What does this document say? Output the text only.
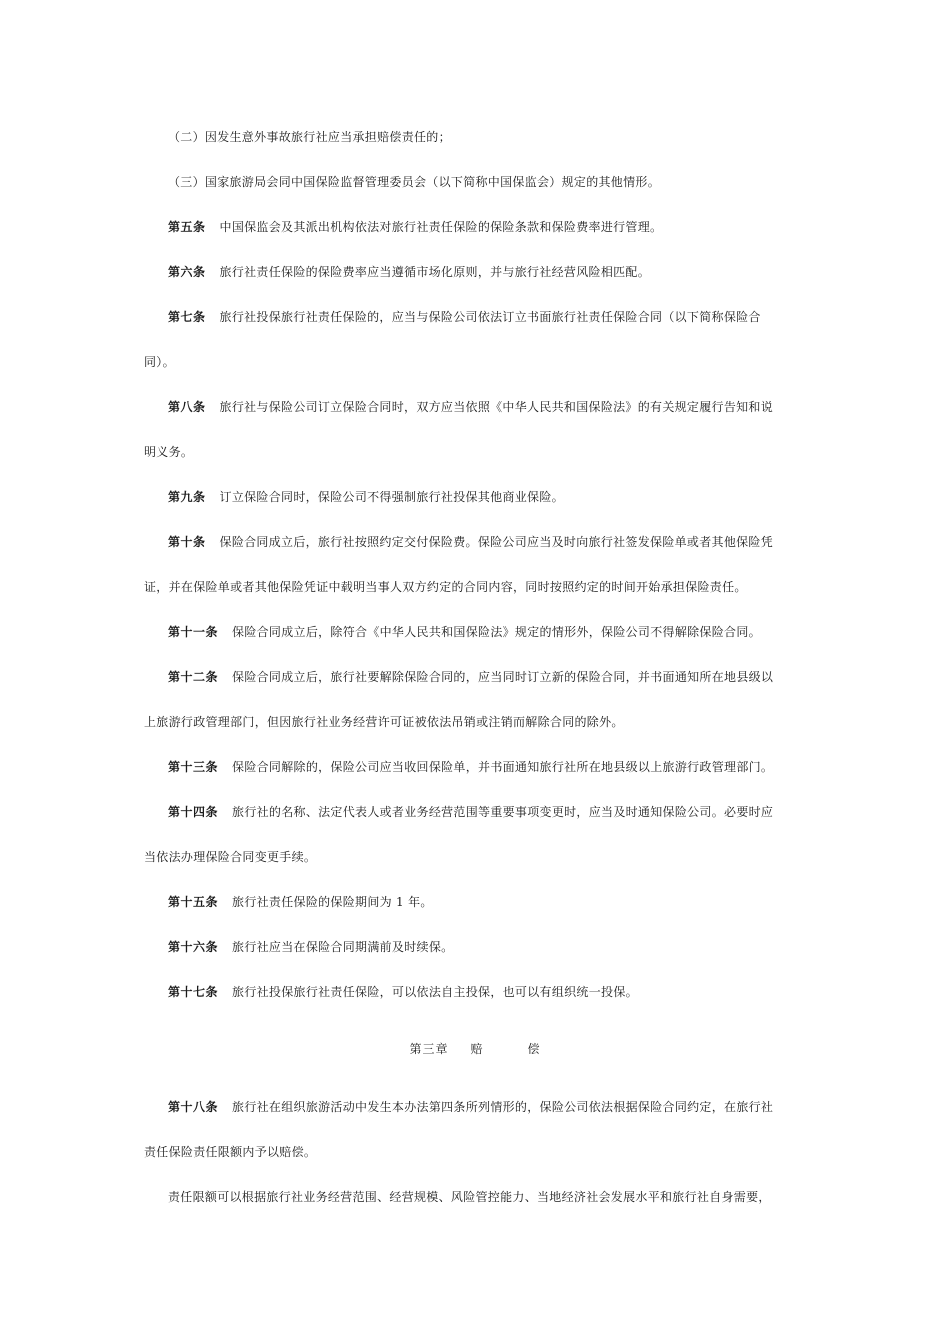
（二）因发生意外事故旅行社应当承担赔偿责任的；
（三）国家旅游局会同中国保险监督管理委员会（以下简称中国保监会）规定的其他情形。
第五条 中国保监会及其派出机构依法对旅行社责任保险的保险条款和保险费率进行管理。
第六条 旅行社责任保险的保险费率应当遵循市场化原则，并与旅行社经营风险相匹配。
第七条 旅行社投保旅行社责任保险的，应当与保险公司依法订立书面旅行社责任保险合同（以下简称保险合
同）。
第八条 旅行社与保险公司订立保险合同时，双方应当依照《中华人民共和国保险法》的有关规定履行告知和说
明义务。
第九条 订立保险合同时，保险公司不得强制旅行社投保其他商业保险。
第十条 保险合同成立后，旅行社按照约定交付保险费。保险公司应当及时向旅行社签发保险单或者其他保险凭
证，并在保险单或者其他保险凭证中载明当事人双方约定的合同内容，同时按照约定的时间开始承担保险责任。
第十一条 保险合同成立后，除符合《中华人民共和国保险法》规定的情形外，保险公司不得解除保险合同。
第十二条 保险合同成立后，旅行社要解除保险合同的，应当同时订立新的保险合同，并书面通知所在地县级以
上旅游行政管理部门，但因旅行社业务经营许可证被依法吊销或注销而解除合同的除外。
第十三条 保险合同解除的，保险公司应当收回保险单，并书面通知旅行社所在地县级以上旅游行政管理部门。
第十四条 旅行社的名称、法定代表人或者业务经营范围等重要事项变更时，应当及时通知保险公司。必要时应
当依法办理保险合同变更手续。
第十五条 旅行社责任保险的保险期间为 1 年。
第十六条 旅行社应当在保险合同期满前及时续保。
第十七条 旅行社投保旅行社责任保险，可以依法自主投保，也可以有组织统一投保。
第三章 赔	偿
第十八条 旅行社在组织旅游活动中发生本办法第四条所列情形的，保险公司依法根据保险合同约定，在旅行社
责任保险责任限额内予以赔偿。
责任限额可以根据旅行社业务经营范围、经营规模、风险管控能力、当地经济社会发展水平和旅行社自身需要，
